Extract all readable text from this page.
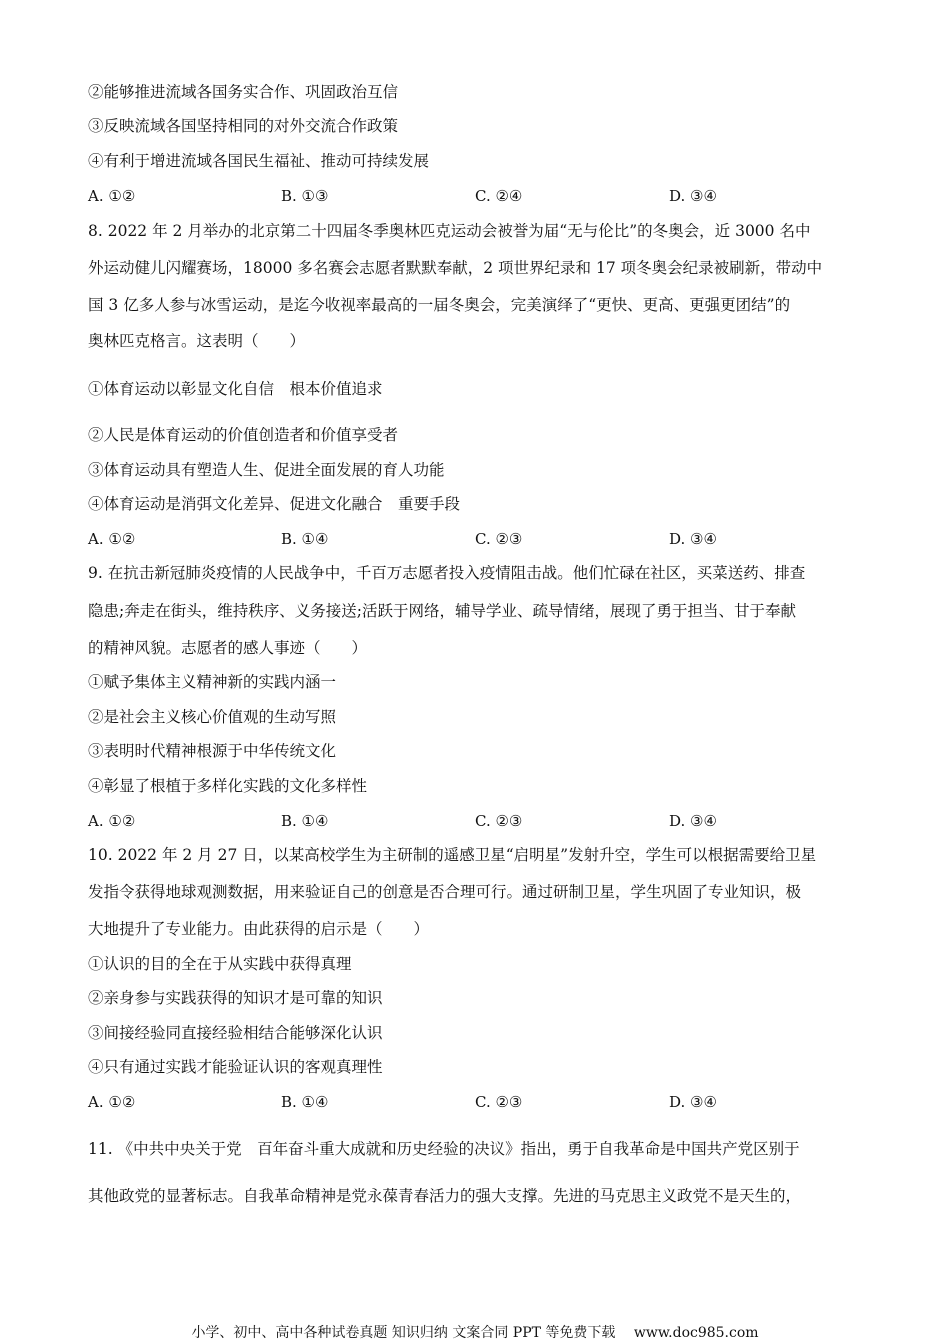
②能够推进流域各国务实合作、巩固政治互信
③反映流域各国坚持相同的对外交流合作政策
④有利于增进流域各国民生福祉、推动可持续发展
A. ①②	B. ①③	C. ②④	D. ③④
8. 2022 年 2 月举办的北京第二十四届冬季奥林匹克运动会被誉为届“无与伦比”的冬奥会，近 3000 名中
外运动健儿闪耀赛场，18000 多名赛会志愿者默默奉献，2 项世界纪录和 17 项冬奥会纪录被刷新，带动中
国 3 亿多人参与冰雪运动，是迄今收视率最高的一届冬奥会，完美演绎了“更快、更高、更强更团结”的
奥林匹克格言。这表明（　　）
①体育运动以彰显文化自信　根本价值追求
②人民是体育运动的价值创造者和价值享受者
③体育运动具有塑造人生、促进全面发展的育人功能
④体育运动是消弭文化差异、促进文化融合　重要手段
A. ①②	B. ①④	C. ②③	D. ③④
9. 在抗击新冠肺炎疫情的人民战争中，千百万志愿者投入疫情阻击战。他们忙碌在社区，买菜送药、排查
隐患;奔走在街头，维持秩序、义务接送;活跃于网络，辅导学业、疏导情绪，展现了勇于担当、甘于奉献
的精神风貌。志愿者的感人事迹（　　）
①赋予集体主义精神新的实践内涵一
②是社会主义核心价值观的生动写照
③表明时代精神根源于中华传统文化
④彰显了根植于多样化实践的文化多样性
A. ①②	B. ①④	C. ②③	D. ③④
10. 2022 年 2 月 27 日，以某高校学生为主研制的遥感卫星“启明星”发射升空，学生可以根据需要给卫星
发指令获得地球观测数据，用来验证自己的创意是否合理可行。通过研制卫星，学生巩固了专业知识，极
大地提升了专业能力。由此获得的启示是（　　）
①认识的目的全在于从实践中获得真理
②亲身参与实践获得的知识才是可靠的知识
③间接经验同直接经验相结合能够深化认识
④只有通过实践才能验证认识的客观真理性
A. ①②	B. ①④	C. ②③	D. ③④
11. 《中共中央关于党　百年奋斗重大成就和历史经验的决议》指出，勇于自我革命是中国共产党区别于
其他政党的显著标志。自我革命精神是党永葆青春活力的强大支撑。先进的马克思主义政党不是天生的，
小学、初中、高中各种试卷真题 知识归纳 文案合同 PPT 等免费下载　 www.doc985.com
